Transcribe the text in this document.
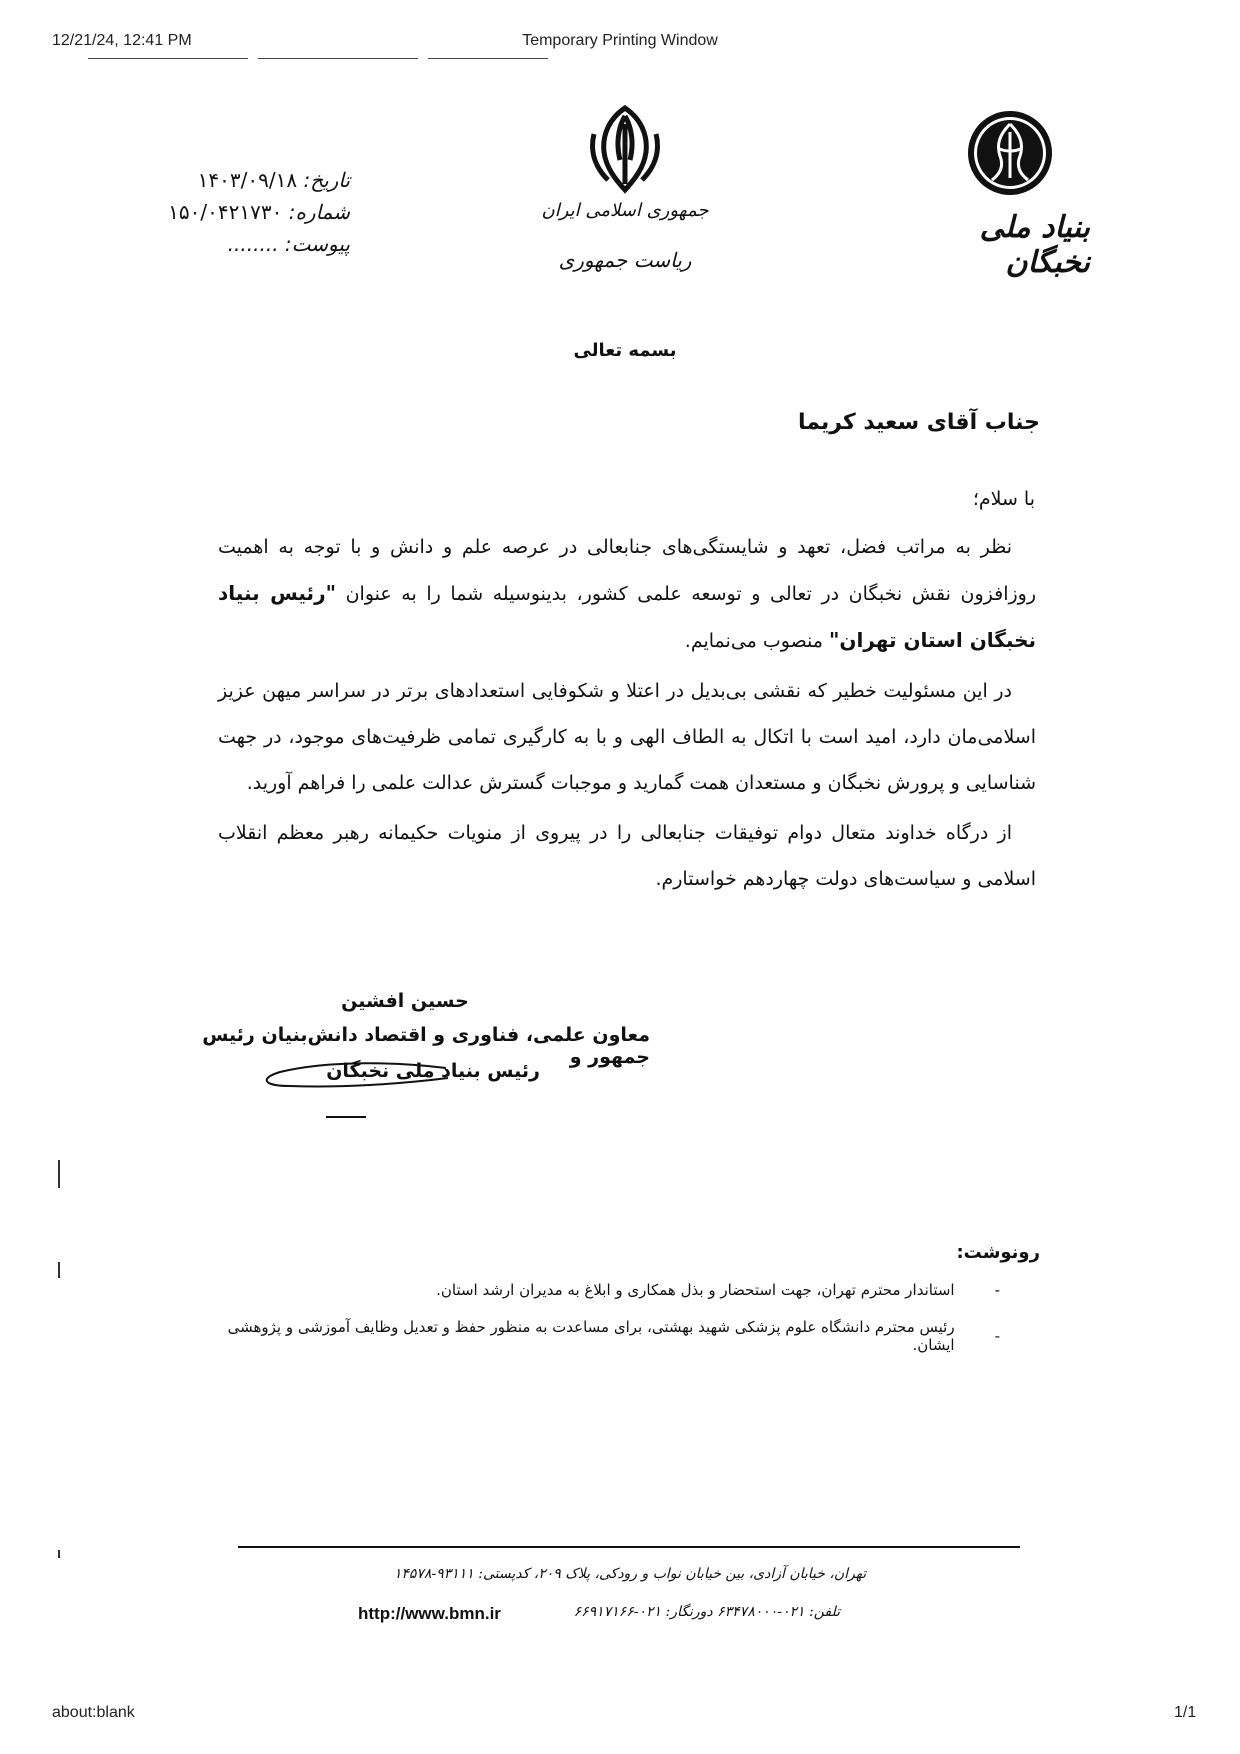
12/21/24, 12:41 PM	Temporary Printing Window
بنیاد ملی نخبگان
جمهوری اسلامی ایران
ریاست جمهوری
تاریخ: ۱۴۰۳/۰۹/۱۸
شماره: ۱۵۰/۰۴۲۱۷۳۰
پیوست: ........
بسمه تعالی
جناب آقای سعید کریما
با سلام؛

نظر به مراتب فضل، تعهد و شایستگی‌های جنابعالی در عرصه علم و دانش و با توجه به اهمیت روزافزون نقش نخبگان در تعالی و توسعه علمی کشور، بدینوسیله شما را به عنوان "رئیس بنیاد نخبگان استان تهران" منصوب می‌نمایم.

در این مسئولیت خطیر که نقشی بی‌بدیل در اعتلا و شکوفایی استعدادهای برتر در سراسر میهن عزیز اسلامی‌مان دارد، امید است با اتکال به الطاف الهی و با به کارگیری تمامی ظرفیت‌های موجود، در جهت شناسایی و پرورش نخبگان و مستعدان همت گمارید و موجبات گسترش عدالت علمی را فراهم آورید.

از درگاه خداوند متعال دوام توفیقات جنابعالی را در پیروی از منویات حکیمانه رهبر معظم انقلاب اسلامی و سیاست‌های دولت چهاردهم خواستارم.

حسین افشین
معاون علمی، فناوری و اقتصاد دانش‌بنیان رئیس جمهور و
رئیس بنیاد ملی نخبگان
رونوشت:
-
استاندار محترم تهران، جهت استحضار و بذل همکاری و ابلاغ به مدیران ارشد استان.
-
رئیس محترم دانشگاه علوم پزشکی شهید بهشتی، برای مساعدت به منظور حفظ و تعدیل وظایف آموزشی و پژوهشی ایشان.
تهران، خیابان آزادی، بین خیابان نواب و رودکی، پلاک ۲۰۹، کدپستی: ۹۳۱۱۱-۱۴۵۷۸
تلفن: ۰۲۱-۶۳۴۷۸۰۰۰ دورنگار: ۰۲۱-۶۶۹۱۷۱۶۶
http://www.bmn.ir
about:blank	1/1
